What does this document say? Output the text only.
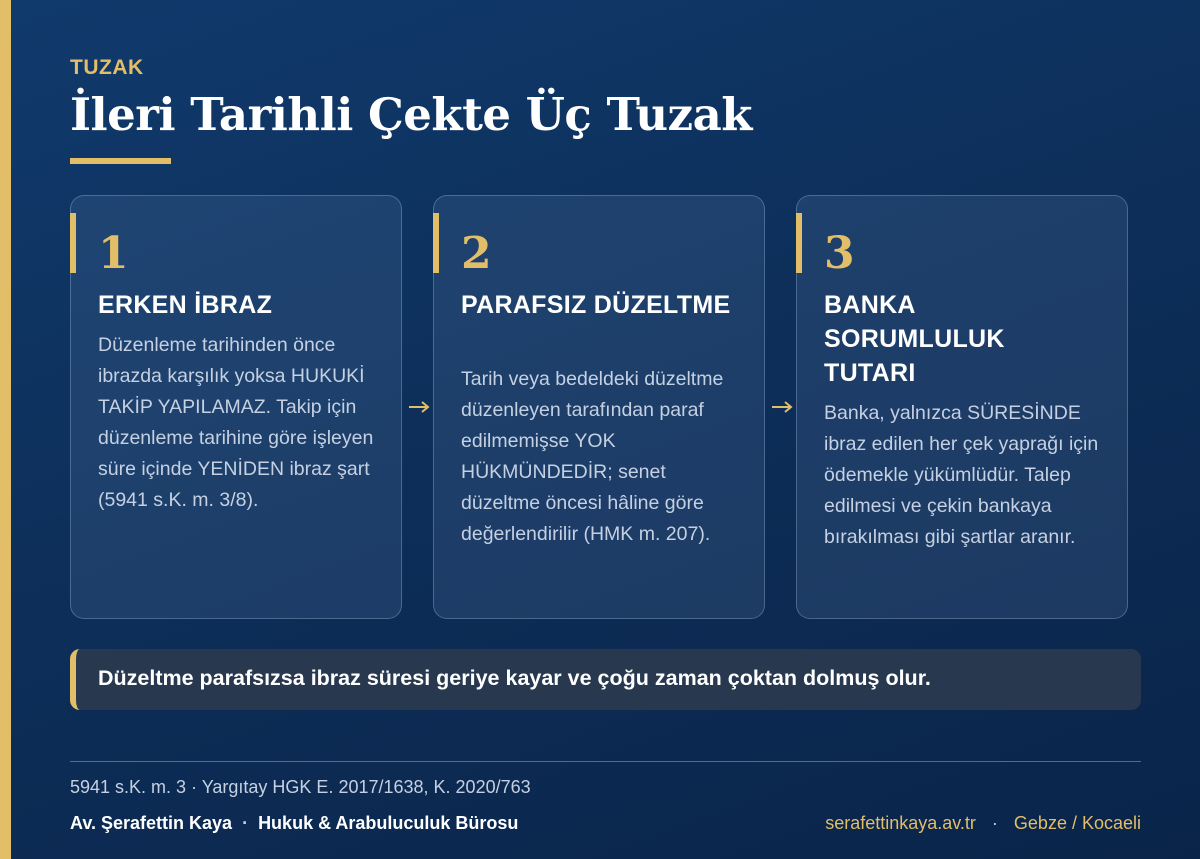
TUZAK
İleri Tarihli Çekte Üç Tuzak
1
ERKEN İBRAZ
Düzenleme tarihinden önce ibrazda karşılık yoksa HUKUKİ TAKİP YAPILAMAZ. Takip için düzenleme tarihine göre işleyen süre içinde YENİDEN ibraz şart (5941 s.K. m. 3/8).
2
PARAFSIZ DÜZELTME
Tarih veya bedeldeki düzeltme düzenleyen tarafından paraf edilmemişse YOK HÜKMÜNDEDİR; senet düzeltme öncesi hâline göre değerlendirilir (HMK m. 207).
3
BANKA SORUMLULUK TUTARI
Banka, yalnızca SÜRESİNDE ibraz edilen her çek yaprağı için ödemekle yükümlüdür. Talep edilmesi ve çekin bankaya bırakılması gibi şartlar aranır.
Düzeltme parafsızsa ibraz süresi geriye kayar ve çoğu zaman çoktan dolmuş olur.
5941 s.K. m. 3 · Yargıtay HGK E. 2017/1638, K. 2020/763
Av. Şerafettin Kaya · Hukuk & Arabuluculuk Bürosu	serafettinkaya.av.tr · Gebze / Kocaeli
